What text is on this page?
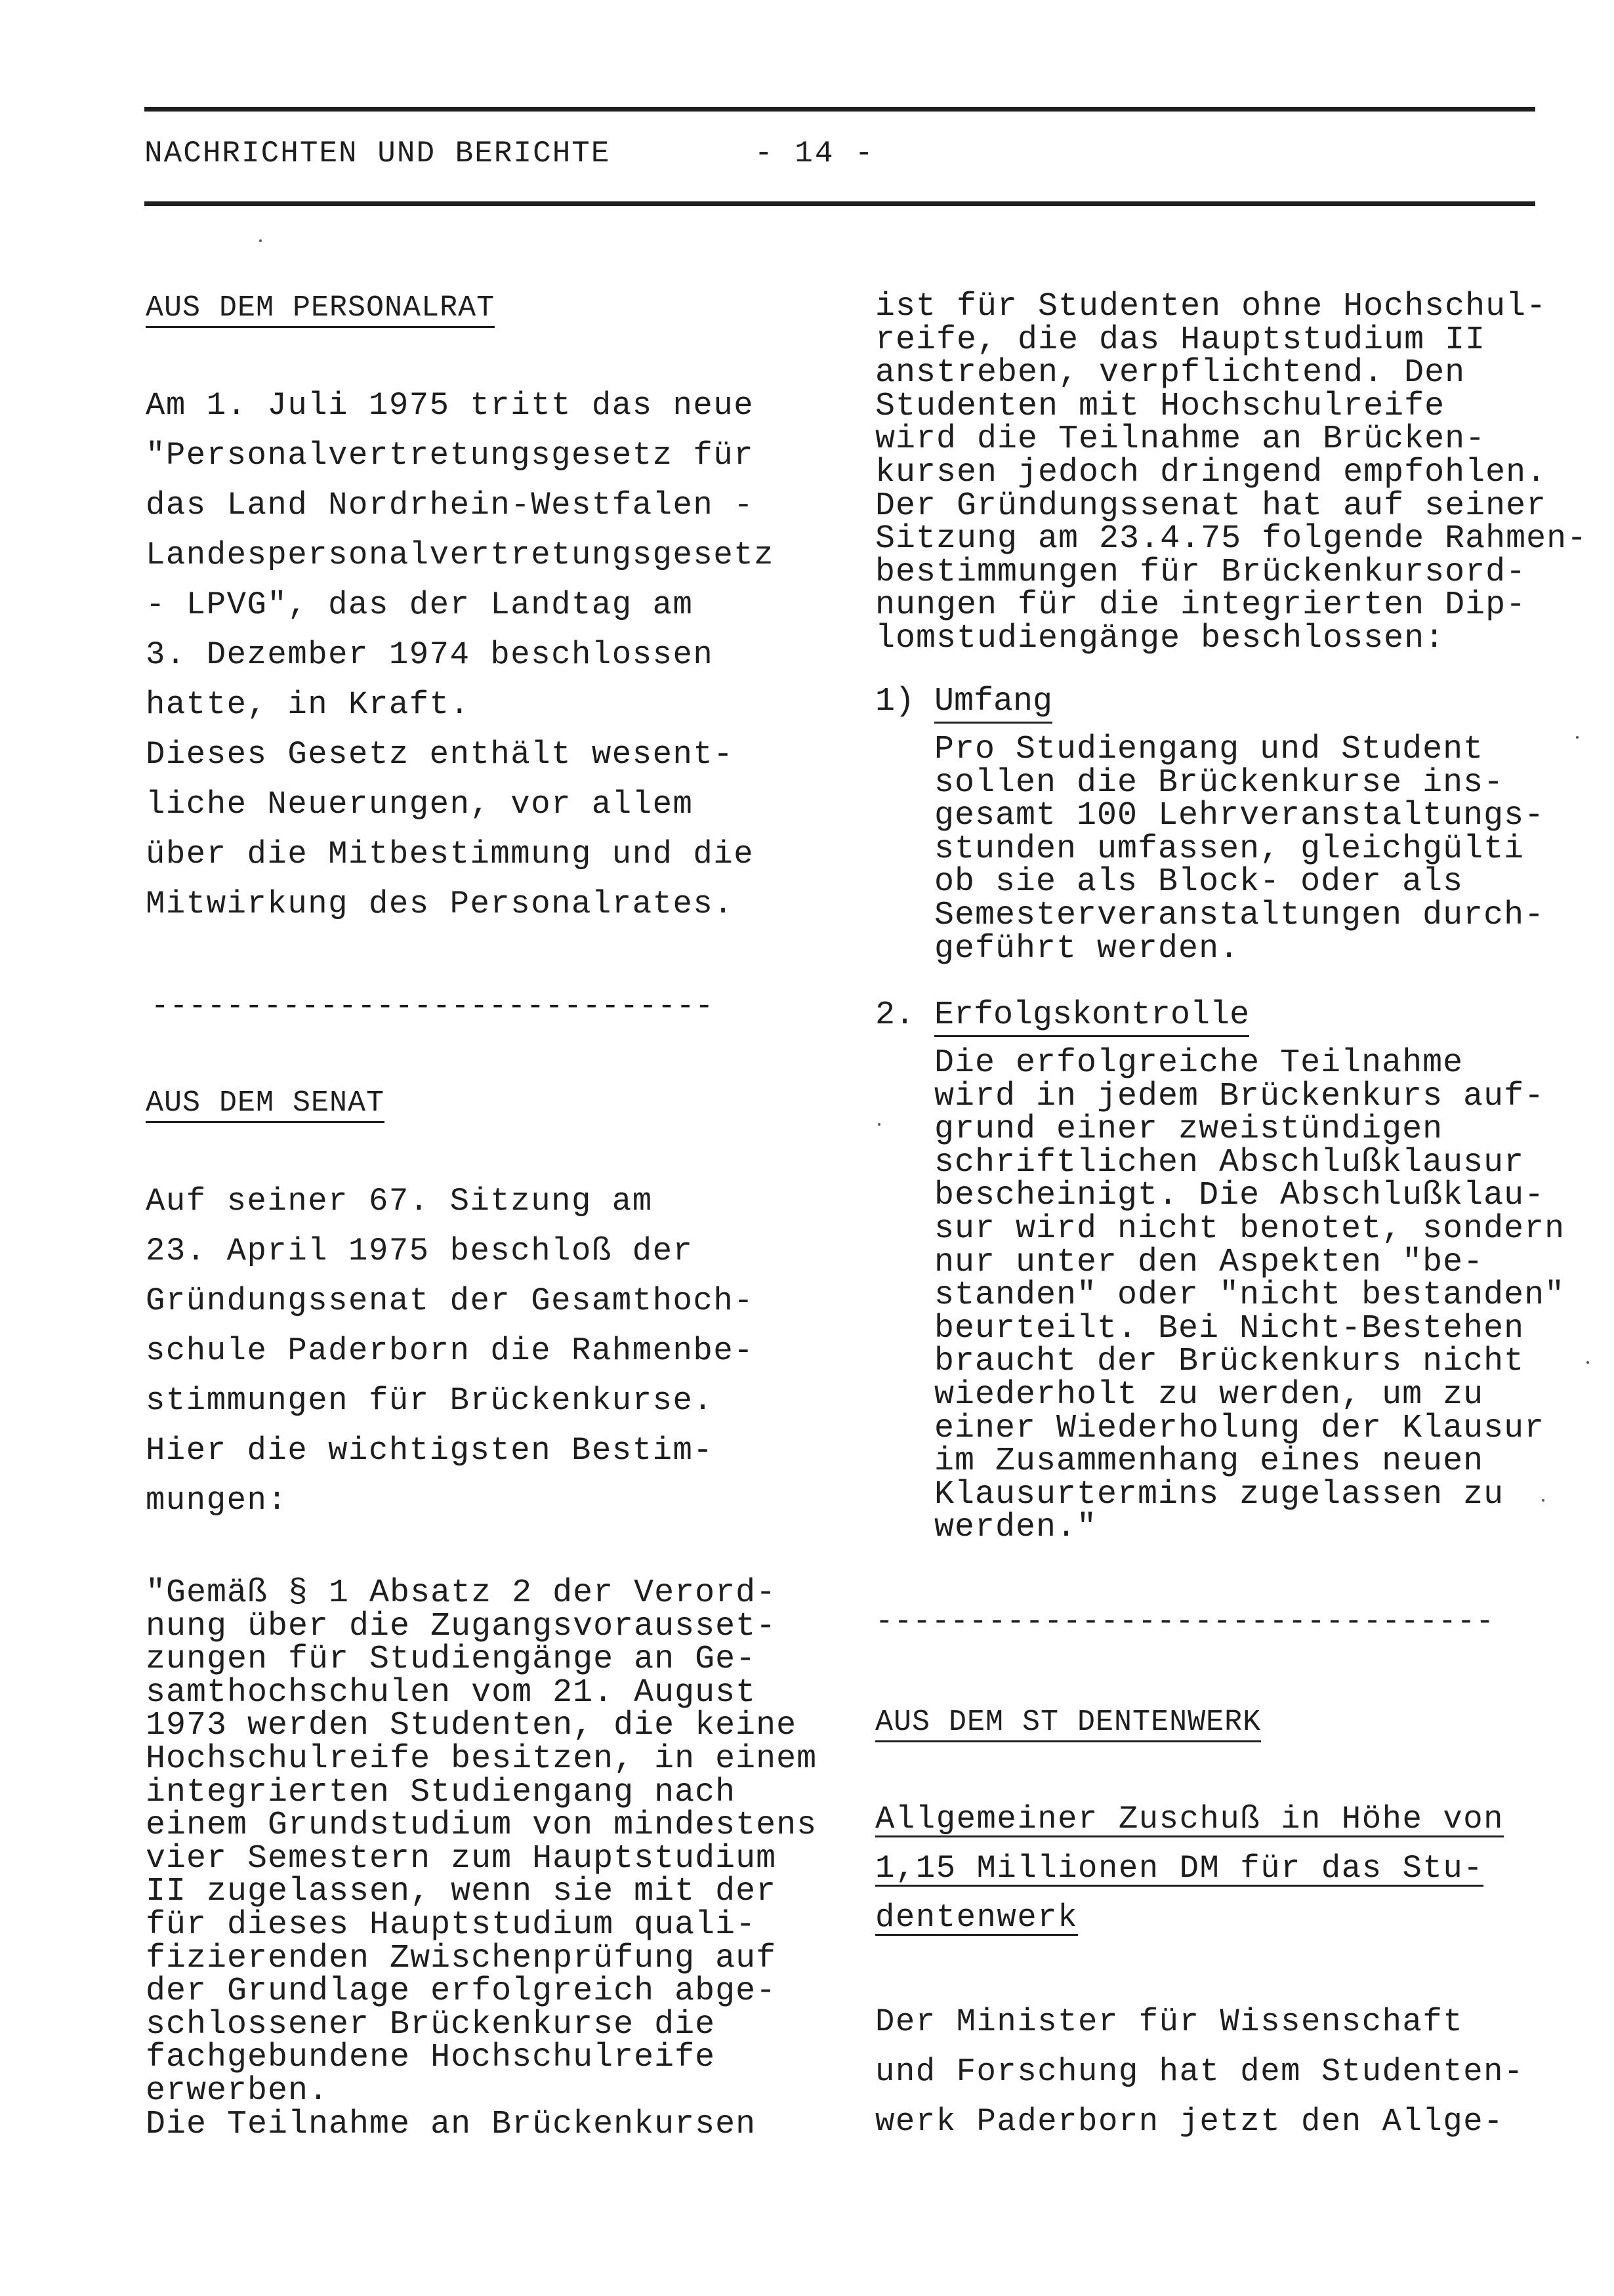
NACHRICHTEN UND BERICHTE	- 14 -
AUS DEM PERSONALRAT
Am 1. Juli 1975 tritt das neue
"Personalvertretungsgesetz für
das Land Nordrhein-Westfalen -
Landespersonalvertretungsgesetz
- LPVG", das der Landtag am
3. Dezember 1974 beschlossen
hatte, in Kraft.
Dieses Gesetz enthält wesent-
liche Neuerungen, vor allem
über die Mitbestimmung und die
Mitwirkung des Personalrates.
------------------------------
AUS DEM SENAT
Auf seiner 67. Sitzung am
23. April 1975 beschloß der
Gründungssenat der Gesamthoch-
schule Paderborn die Rahmenbe-
stimmungen für Brückenkurse.
Hier die wichtigsten Bestim-
mungen:
"Gemäß § 1 Absatz 2 der Verord-
nung über die Zugangsvorausset-
zungen für Studiengänge an Ge-
samthochschulen vom 21. August
1973 werden Studenten, die keine
Hochschulreife besitzen, in einem
integrierten Studiengang nach
einem Grundstudium von mindestens
vier Semestern zum Hauptstudium
II zugelassen, wenn sie mit der
für dieses Hauptstudium quali-
fizierenden Zwischenprüfung auf
der Grundlage erfolgreich abge-
schlossener Brückenkurse die
fachgebundene Hochschulreife
erwerben.
Die Teilnahme an Brückenkursen
ist für Studenten ohne Hochschul-
reife, die das Hauptstudium II
anstreben, verpflichtend. Den
Studenten mit Hochschulreife
wird die Teilnahme an Brücken-
kursen jedoch dringend empfohlen.
Der Gründungssenat hat auf seiner
Sitzung am 23.4.75 folgende Rahmen-
bestimmungen für Brückenkursord-
nungen für die integrierten Dip-
lomstudiengänge beschlossen:
1) Umfang
Pro Studiengang und Student
sollen die Brückenkurse ins-
gesamt 100 Lehrveranstaltungs-
stunden umfassen, gleichgülti
ob sie als Block- oder als
Semesterveranstaltungen durch-
geführt werden.
2. Erfolgskontrolle
Die erfolgreiche Teilnahme
wird in jedem Brückenkurs auf-
grund einer zweistündigen
schriftlichen Abschlußklausur
bescheinigt. Die Abschlußklau-
sur wird nicht benotet, sondern
nur unter den Aspekten "be-
standen" oder "nicht bestanden"
beurteilt. Bei Nicht-Bestehen
braucht der Brückenkurs nicht
wiederholt zu werden, um zu
einer Wiederholung der Klausur
im Zusammenhang eines neuen
Klausurtermins zugelassen zu
werden."
---------------------------------
AUS DEM ST DENTENWERK
Allgemeiner Zuschuß in Höhe von
1,15 Millionen DM für das Stu-
dentenwerk
Der Minister für Wissenschaft
und Forschung hat dem Studenten-
werk Paderborn jetzt den Allge-
